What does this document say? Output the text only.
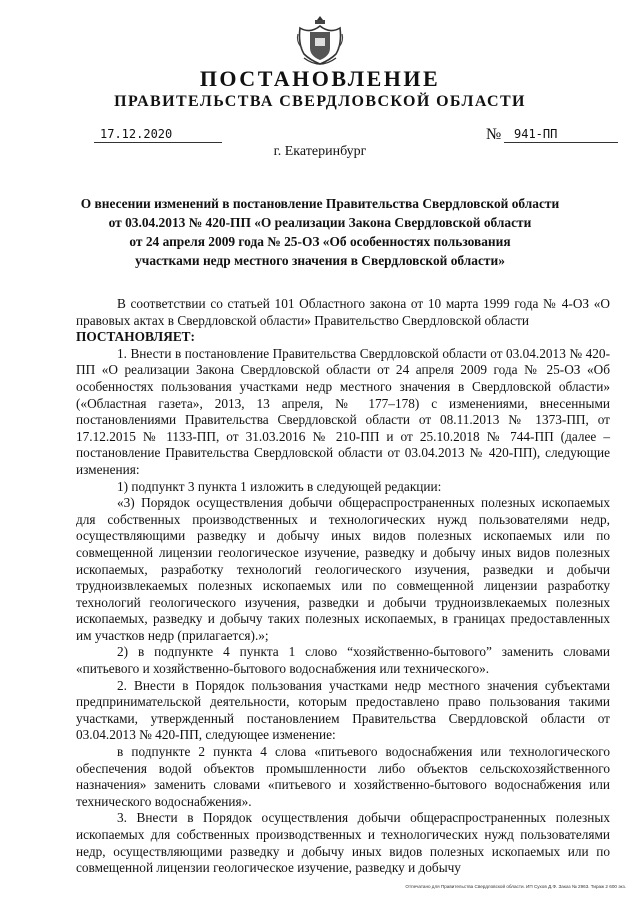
ПОСТАНОВЛЕНИЕ
ПРАВИТЕЛЬСТВА СВЕРДЛОВСКОЙ ОБЛАСТИ
17.12.2020	№	941-ПП
г. Екатеринбург
О внесении изменений в постановление Правительства Свердловской области
от 03.04.2013 № 420-ПП «О реализации Закона Свердловской области
от 24 апреля 2009 года № 25-ОЗ «Об особенностях пользования
участками недр местного значения в Свердловской области»

В соответствии со статьей 101 Областного закона от 10 марта 1999 года № 4-ОЗ «О правовых актах в Свердловской области» Правительство Свердловской области

ПОСТАНОВЛЯЕТ:

1. Внести в постановление Правительства Свердловской области от 03.04.2013 № 420-ПП «О реализации Закона Свердловской области от 24 апреля 2009 года № 25-ОЗ «Об особенностях пользования участками недр местного значения в Свердловской области» («Областная газета», 2013, 13 апреля, № 177–178) с изменениями, внесенными постановлениями Правительства Свердловской области от 08.11.2013 № 1373-ПП, от 17.12.2015 № 1133-ПП, от 31.03.2016 № 210-ПП и от 25.10.2018 № 744-ПП (далее – постановление Правительства Свердловской области от 03.04.2013 № 420-ПП), следующие изменения:

1) подпункт 3 пункта 1 изложить в следующей редакции:

«3) Порядок осуществления добычи общераспространенных полезных ископаемых для собственных производственных и технологических нужд пользователями недр, осуществляющими разведку и добычу иных видов полезных ископаемых или по совмещенной лицензии геологическое изучение, разведку и добычу иных видов полезных ископаемых, разработку технологий геологического изучения, разведки и добычи трудноизвлекаемых полезных ископаемых или по совмещенной лицензии разработку технологий геологического изучения, разведки и добычи трудноизвлекаемых полезных ископаемых, разведку и добычу таких полезных ископаемых, в границах предоставленных им участков недр (прилагается).»;

2) в подпункте 4 пункта 1 слово “хозяйственно-бытового” заменить словами «питьевого и хозяйственно-бытового водоснабжения или технического».

2. Внести в Порядок пользования участками недр местного значения субъектами предпринимательской деятельности, которым предоставлено право пользования такими участками, утвержденный постановлением Правительства Свердловской области от 03.04.2013 № 420-ПП, следующее изменение:

в подпункте 2 пункта 4 слова «питьевого водоснабжения или технологического обеспечения водой объектов промышленности либо объектов сельскохозяйственного назначения» заменить словами «питьевого и хозяйственно-бытового водоснабжения или технического водоснабжения».

3. Внести в Порядок осуществления добычи общераспространенных полезных ископаемых для собственных производственных и технологических нужд пользователями недр, осуществляющими разведку и добычу иных видов полезных ископаемых или по совмещенной лицензии геологическое изучение, разведку и добычу

Отпечатано для Правительства Свердловской области. ИП Сухов Д.Ф. Заказ № 2963. Тираж 2 600 экз.
